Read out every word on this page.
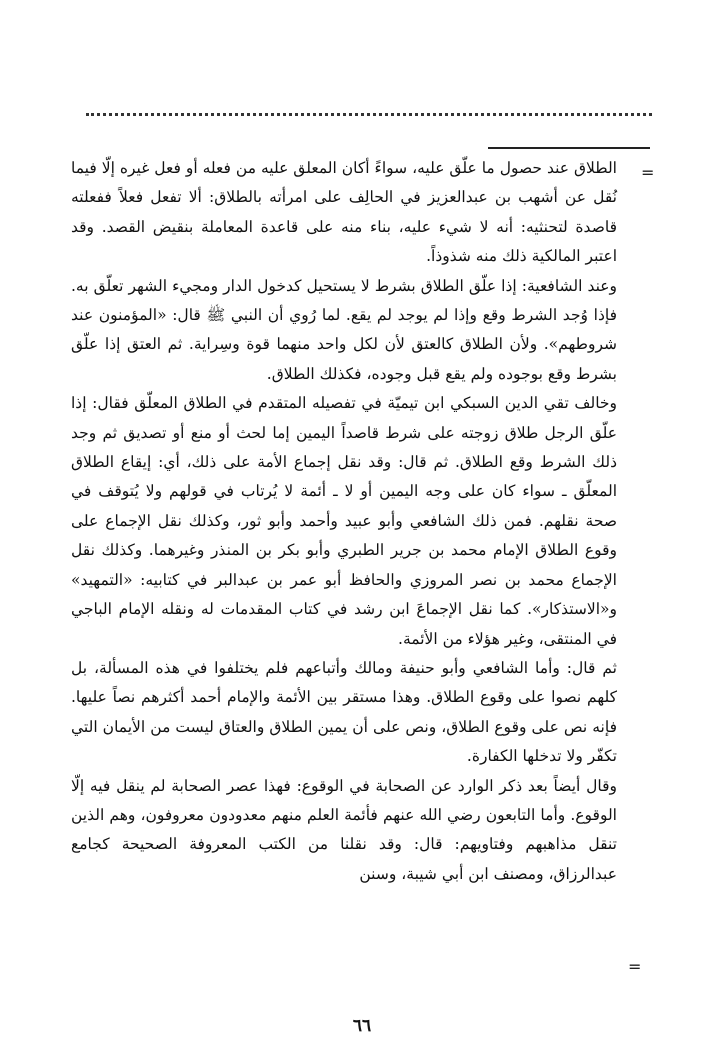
=

الطلاق عند حصول ما علّق عليه، سواءً أكان المعلق عليه من فعله أو فعل غيره إلّا فيما نُقل عن أشهب بن عبدالعزيز في الحالِف على امرأته بالطلاق: ألا تفعل فعلاً ففعلته قاصدة لتحنثيه: أنه لا شيء عليه، بناء منه على قاعدة المعاملة بنقيض القصد. وقد اعتبر المالكية ذلك منه شذوذاً.

وعند الشافعية: إذا علّق الطلاق بشرط لا يستحيل كدخول الدار ومجيء الشهر تعلّق به. فإذا وُجد الشرط وقع وإذا لم يوجد لم يقع. لما رُوي أن النبي ﷺ قال: «المؤمنون عند شروطهم». ولأن الطلاق كالعتق لأن لكل واحد منهما قوة وسِراية. ثم العتق إذا علّق بشرط وقع بوجوده ولم يقع قبل وجوده، فكذلك الطلاق.

وخالف تقي الدين السبكي ابن تيميّة في تفصيله المتقدم في الطلاق المعلّق فقال: إذا علّق الرجل طلاق زوجته على شرط قاصداً اليمين إما لحث أو منع أو تصديق ثم وجد ذلك الشرط وقع الطلاق. ثم قال: وقد نقل إجماع الأمة على ذلك، أي: إيقاع الطلاق المعلّق ـ سواء كان على وجه اليمين أو لا ـ أئمة لا يُرتاب في قولهم ولا يُتوقف في صحة نقلهم. فمن ذلك الشافعي وأبو عبيد وأحمد وأبو ثور، وكذلك نقل الإجماع على وقوع الطلاق الإمام محمد بن جرير الطبري وأبو بكر بن المنذر وغيرهما. وكذلك نقل الإجماع محمد بن نصر المروزي والحافظ أبو عمر بن عبدالبر في كتابيه: «التمهيد» و«الاستذكار». كما نقل الإجماعَ ابن رشد في كتاب المقدمات له ونقله الإمام الباجي في المنتقى، وغير هؤلاء من الأئمة.

ثم قال: وأما الشافعي وأبو حنيفة ومالك وأتباعهم فلم يختلفوا في هذه المسألة، بل كلهم نصوا على وقوع الطلاق. وهذا مستقر بين الأئمة والإمام أحمد أكثرهم نصاً عليها. فإنه نص على وقوع الطلاق، ونص على أن يمين الطلاق والعتاق ليست من الأيمان التي تكفّر ولا تدخلها الكفارة.

وقال أيضاً بعد ذكر الوارد عن الصحابة في الوقوع: فهذا عصر الصحابة لم ينقل فيه إلّا الوقوع. وأما التابعون رضي الله عنهم فأئمة العلم منهم معدودون معروفون، وهم الذين تنقل مذاهبهم وفتاويهم: قال: وقد نقلنا من الكتب المعروفة الصحيحة كجامع عبدالرزاق، ومصنف ابن أبي شيبة، وسنن

=
٦٦
